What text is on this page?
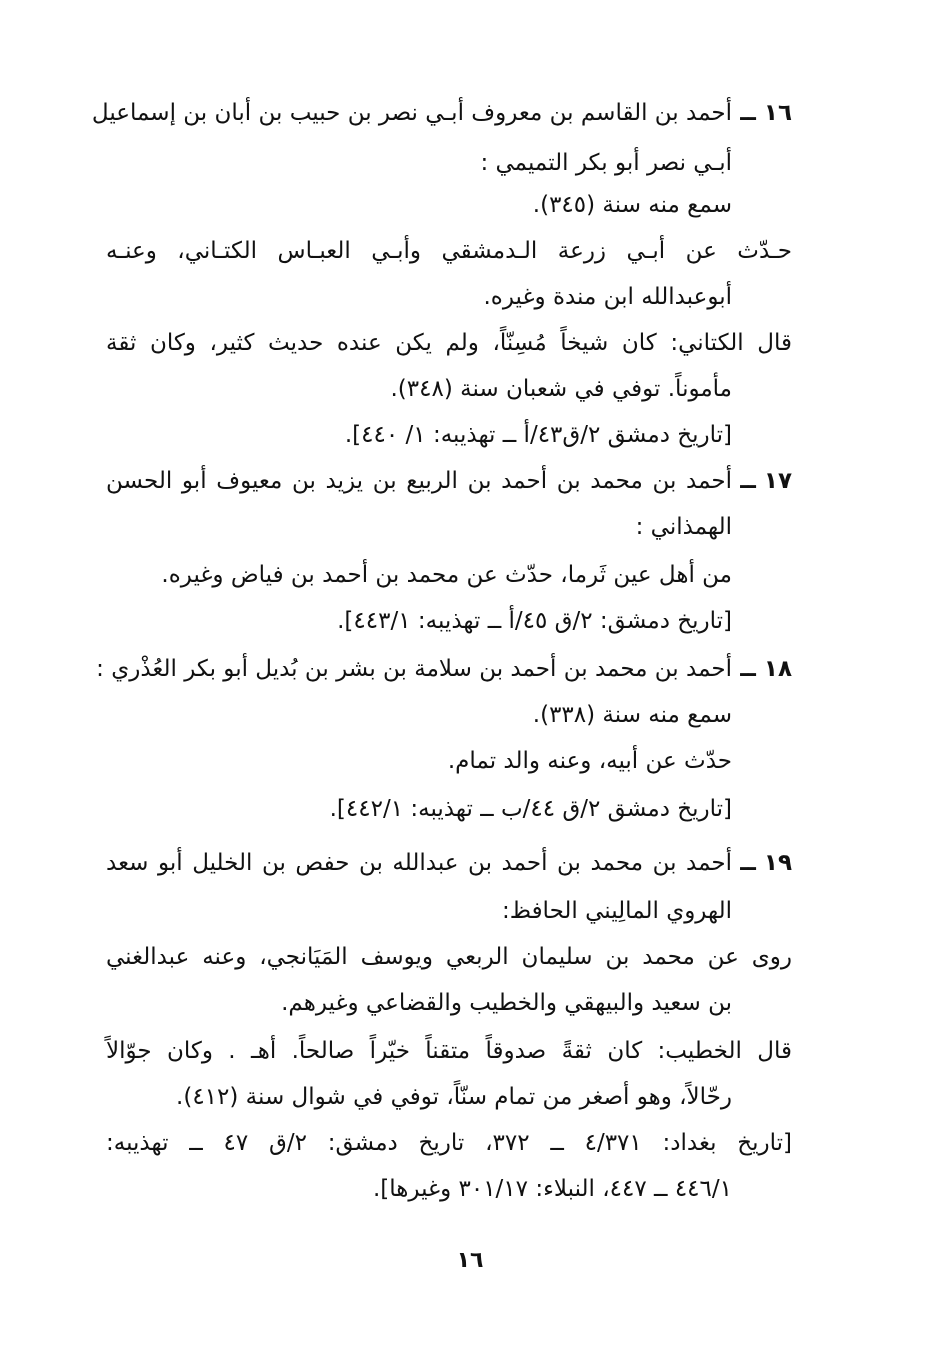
١٦ ــ
أحمد بن القاسم بن معروف أبـي نصر بن حبيب بن أبان بن إسماعيل
أبـي نصر أبو بكر التميمي :
سمع منه سنة (٣٤٥).
حـدّث عن أبـي زرعة الـدمشقي وأبـي العبـاس الكتـاني، وعنـه
أبوعبدالله ابن مندة وغيره.
قال الكتاني: كان شيخاً مُسِنّاً، ولم يكن عنده حديث كثير، وكان ثقة
مأموناً. توفي في شعبان سنة (٣٤٨).
[تاريخ دمشق ٢/ق٤٣/أ ــ تهذيبه: ١/ ٤٤٠].
١٧ ــ
أحمد بن محمد بن أحمد بن الربيع بن يزيد بن معيوف أبو الحسن
الهمذاني :
من أهل عين ثَرما، حدّث عن محمد بن أحمد بن فياض وغيره.
[تاريخ دمشق: ٢/ق ٤٥/أ ــ تهذيبه: ٤٤٣/١].
١٨ ــ
أحمد بن محمد بن أحمد بن سلامة بن بشر بن بُديل أبو بكر العُذْري :
سمع منه سنة (٣٣٨).
حدّث عن أبيه، وعنه والد تمام.
[تاريخ دمشق ٢/ق ٤٤/ب ــ تهذيبه: ٤٤٢/١].
١٩ ــ
أحمد بن محمد بن أحمد بن عبدالله بن حفص بن الخليل أبو سعد
الهروي المالِيني الحافظ:
روى عن محمد بن سليمان الربعي ويوسف المَيَانجي، وعنه عبدالغني
بن سعيد والبيهقي والخطيب والقضاعي وغيرهم.
قال الخطيب: كان ثقةً صدوقاً متقناً خيّراً صالحاً. أهـ . وكان جوّالاً
رحّالاً، وهو أصغر من تمام سنّاً، توفي في شوال سنة (٤١٢).
[تاريخ بغداد: ٤/٣٧١ ــ ٣٧٢، تاريخ دمشق: ٢/ق ٤٧ ــ تهذيبه:
٤٤٦/١ ــ ٤٤٧، النبلاء: ٣٠١/١٧ وغيرها].
١٦
